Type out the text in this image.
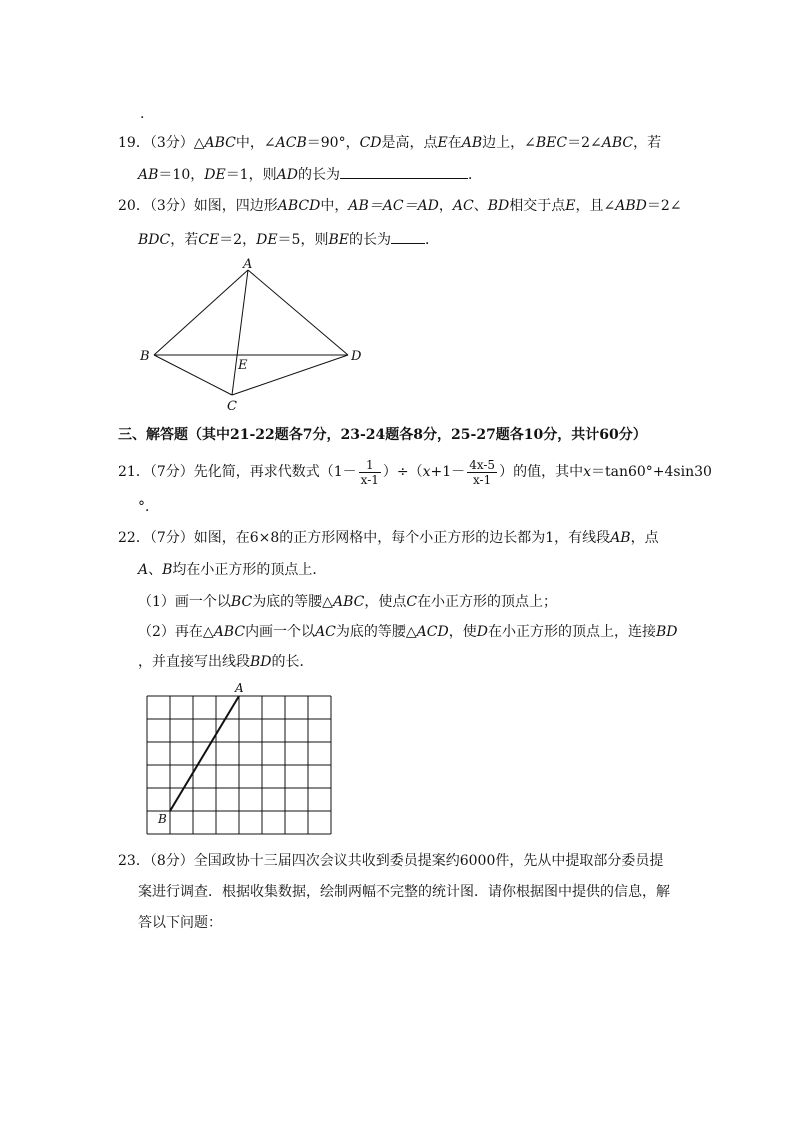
.
19．（3分）△ABC中，∠ACB＝90°，CD是高，点E在AB边上，∠BEC＝2∠ABC，若
AB＝10，DE＝1，则AD的长为	．
20．（3分）如图，四边形ABCD中，AB＝AC＝AD，AC、BD相交于点E，且∠ABD＝2∠
BDC，若CE＝2，DE＝5，则BE的长为 ．
A
B
C
D
E
三、解答题（其中21-22题各7分，23-24题各8分，25-27题各10分，共计60分）
21．（7分）先化简，再求代数式$(1- \frac{1}{x-1} )\div(x+1- \frac{4x-5}{x-1}$ ）的值，其中x＝tan60°+4sin30
°．
22．（7分）如图，在6×8的正方形网格中，每个小正方形的边长都为1，有线段AB，点
A、B均在小正方形的顶点上．
（1）画一个以BC为底的等腰△ABC，使点C在小正方形的顶点上；
（2）再在△ABC内画一个以AC为底的等腰△ACD，使D在小正方形的顶点上，连接BD
，并直接写出线段BD的长．
A
B
23．（8分）全国政协十三届四次会议共收到委员提案约6000件，先从中提取部分委员提
案进行调查．根据收集数据，绘制两幅不完整的统计图．请你根据图中提供的信息，解
答以下问题：
